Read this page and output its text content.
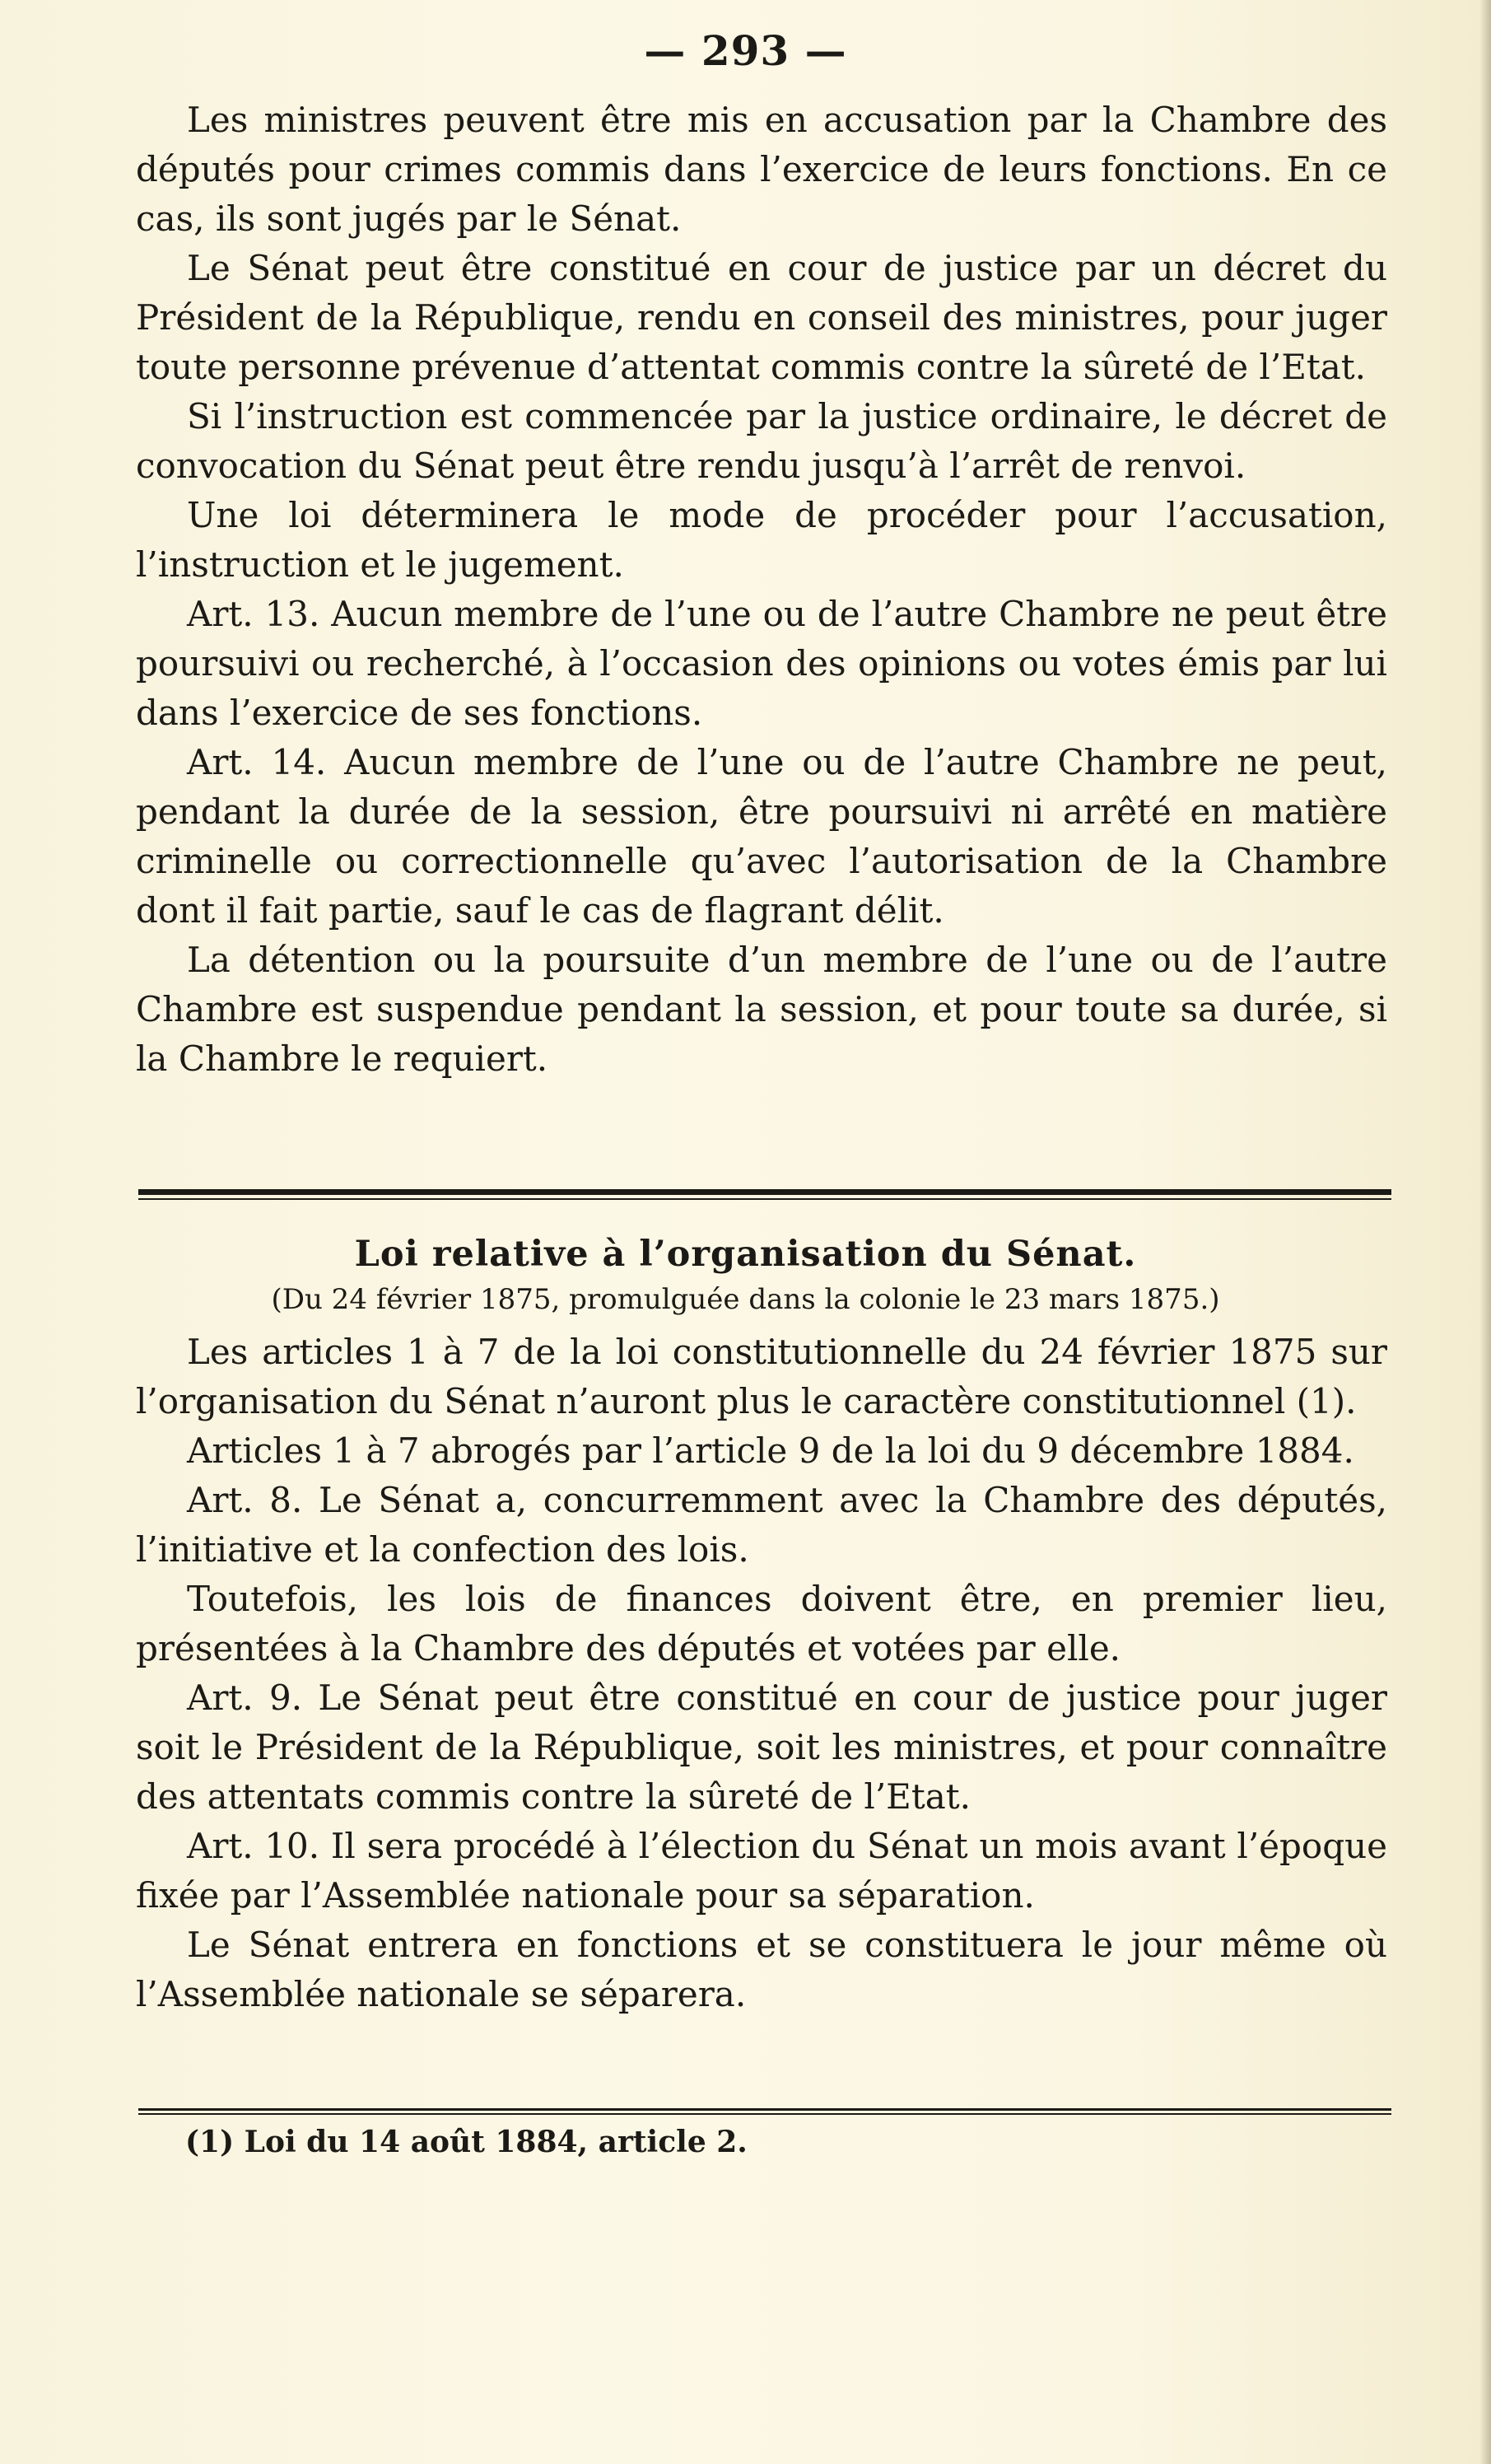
— 293 —

Les ministres peuvent être mis en accusation par la Chambre des députés pour crimes commis dans l’exercice de leurs fonctions. En ce cas, ils sont jugés par le Sénat.

Le Sénat peut être constitué en cour de justice par un décret du Président de la République, rendu en conseil des ministres, pour juger toute personne prévenue d’attentat commis contre la sûreté de l’Etat.

Si l’instruction est commencée par la justice ordinaire, le décret de convocation du Sénat peut être rendu jusqu’à l’arrêt de renvoi.

Une loi déterminera le mode de procéder pour l’accusation, l’instruction et le jugement.

Art. 13. Aucun membre de l’une ou de l’autre Chambre ne peut être poursuivi ou recherché, à l’occasion des opinions ou votes émis par lui dans l’exercice de ses fonctions.

Art. 14. Aucun membre de l’une ou de l’autre Chambre ne peut, pendant la durée de la session, être poursuivi ni arrêté en matière criminelle ou correctionnelle qu’avec l’autorisation de la Chambre dont il fait partie, sauf le cas de flagrant délit.

La détention ou la poursuite d’un membre de l’une ou de l’autre Chambre est suspendue pendant la session, et pour toute sa durée, si la Chambre le requiert.

Loi relative à l’organisation du Sénat.
(Du 24 février 1875, promulguée dans la colonie le 23 mars 1875.)

Les articles 1 à 7 de la loi constitutionnelle du 24 février 1875 sur l’organisation du Sénat n’auront plus le caractère constitutionnel (1).

Articles 1 à 7 abrogés par l’article 9 de la loi du 9 décembre 1884.

Art. 8. Le Sénat a, concurremment avec la Chambre des députés, l’initiative et la confection des lois.

Toutefois, les lois de finances doivent être, en premier lieu, présentées à la Chambre des députés et votées par elle.

Art. 9. Le Sénat peut être constitué en cour de justice pour juger soit le Président de la République, soit les ministres, et pour connaître des attentats commis contre la sûreté de l’Etat.

Art. 10. Il sera procédé à l’élection du Sénat un mois avant l’époque fixée par l’Assemblée nationale pour sa séparation.

Le Sénat entrera en fonctions et se constituera le jour même où l’Assemblée nationale se séparera.

(1) Loi du 14 août 1884, article 2.
